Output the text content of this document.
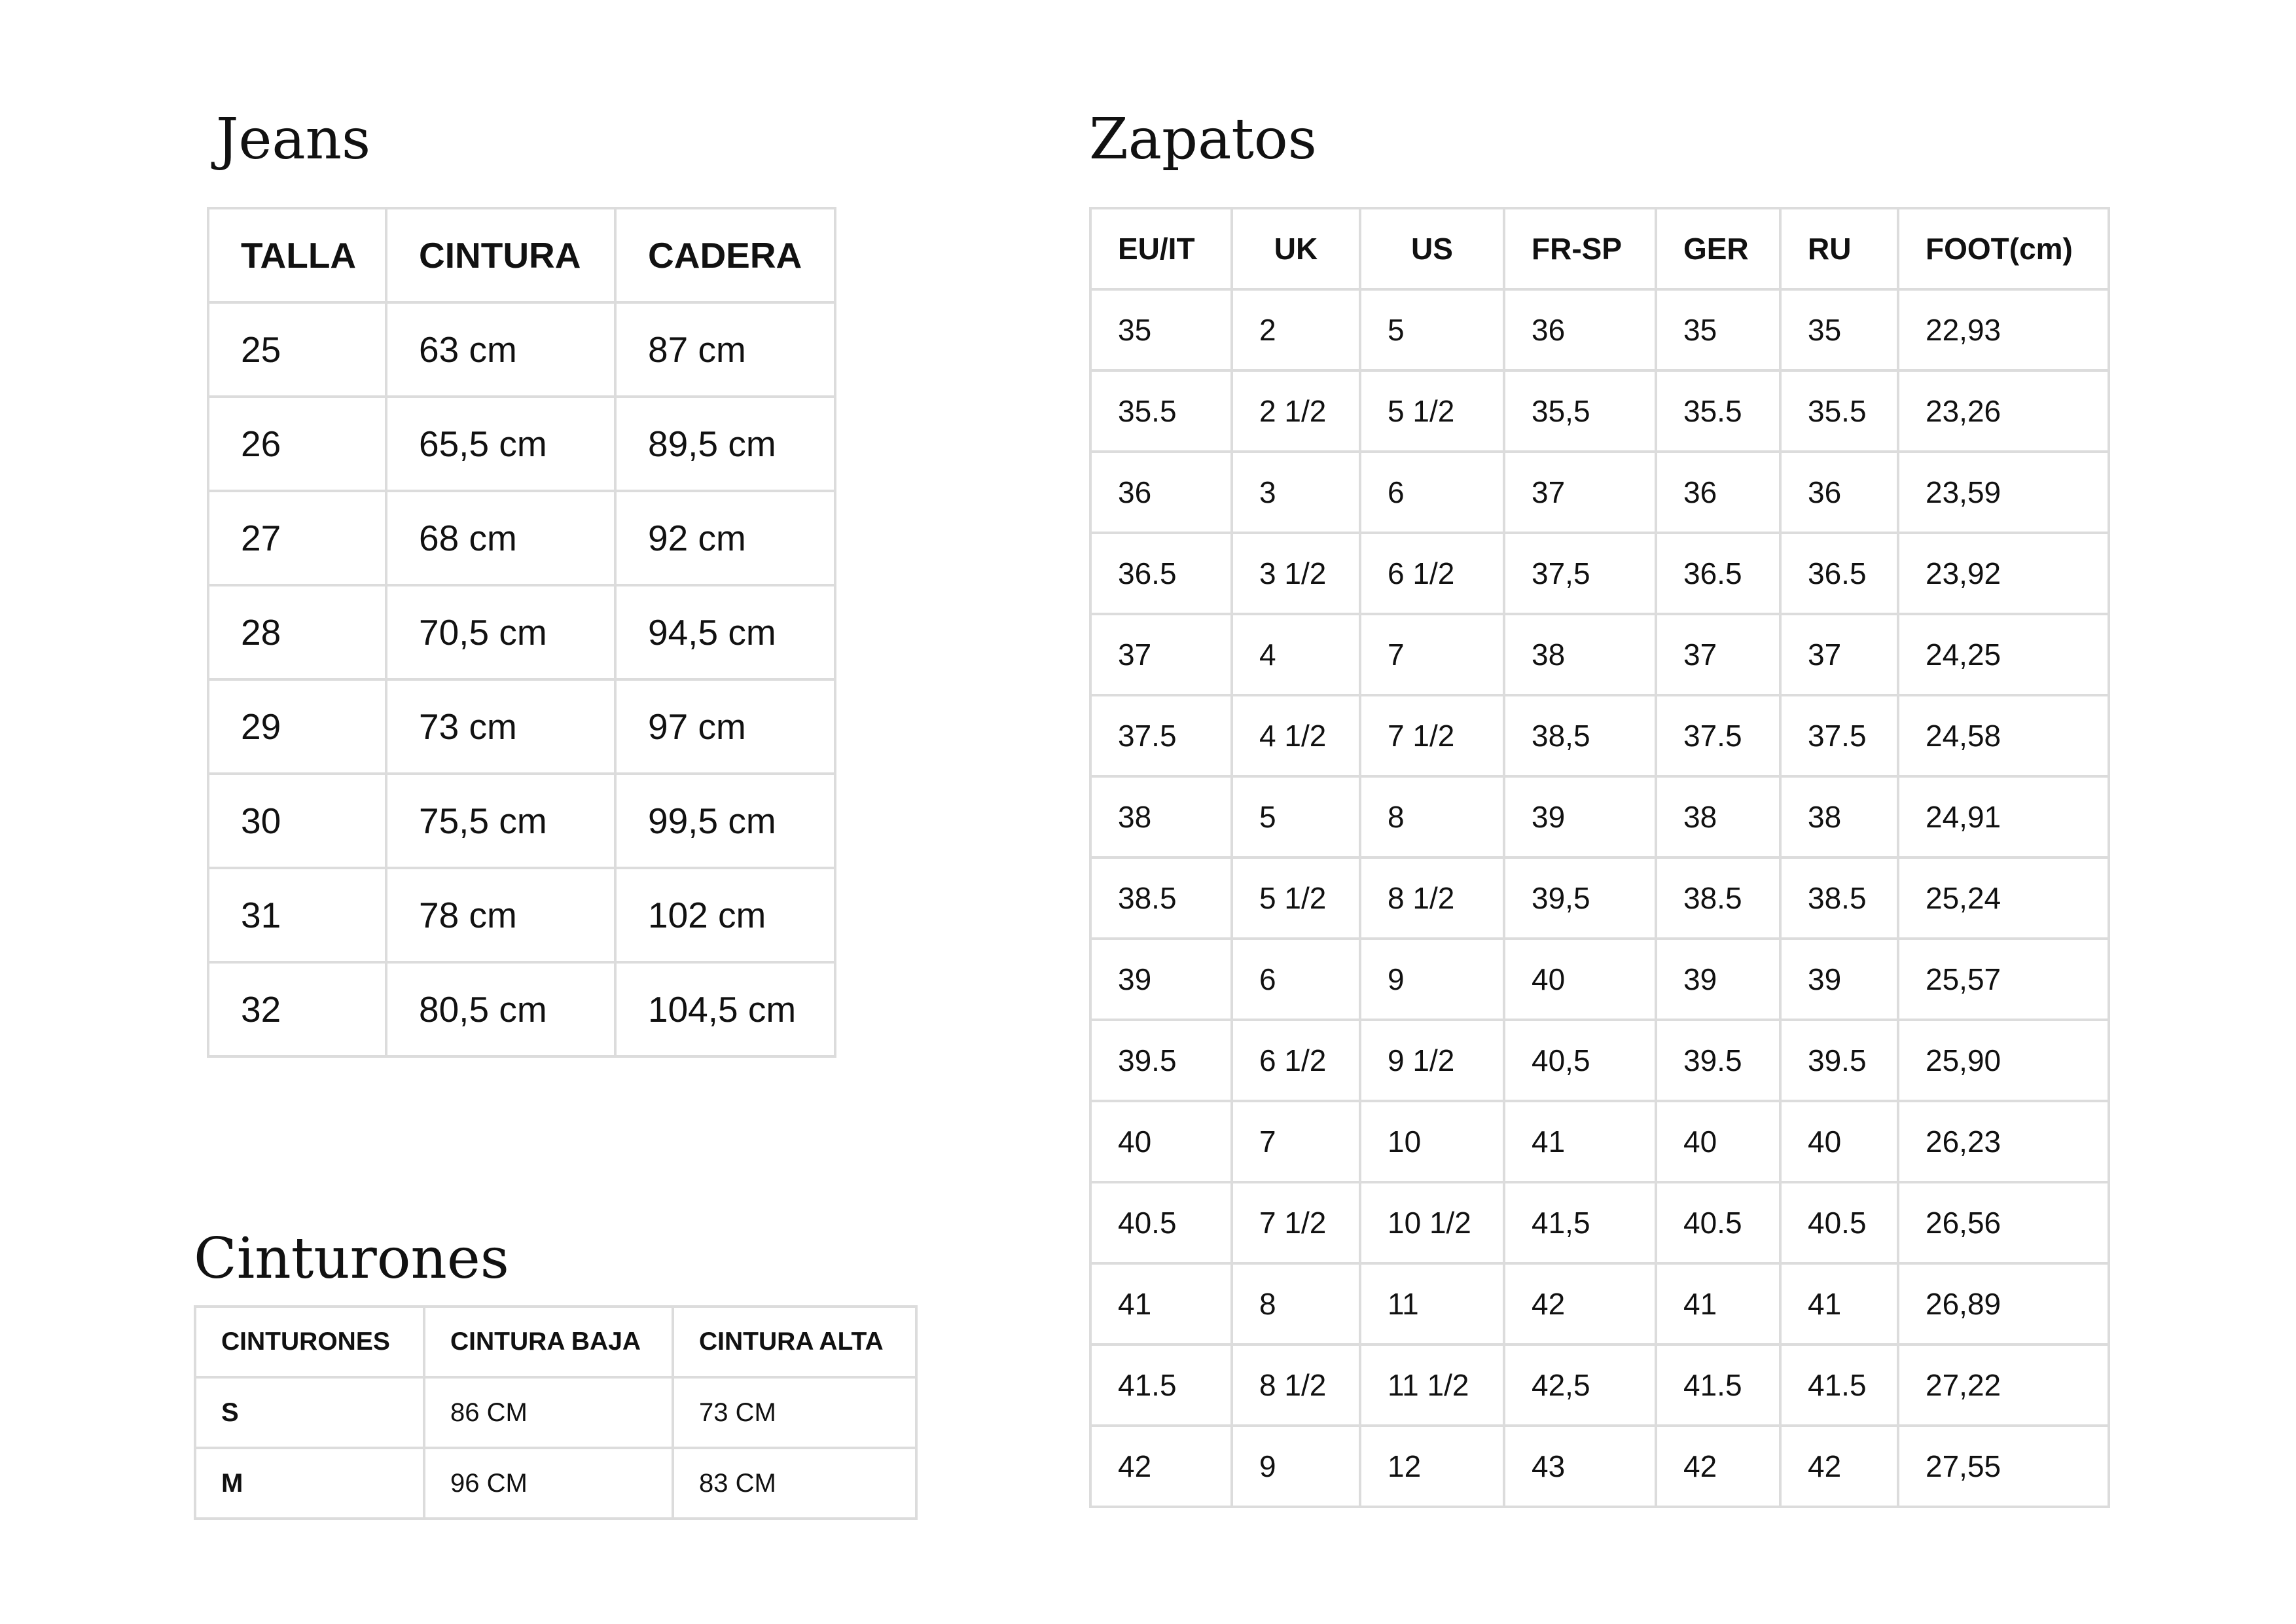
Jeans
TALLA	CINTURA	CADERA
25	63 cm	87 cm
26	65,5 cm	89,5 cm
27	68 cm	92 cm
28	70,5 cm	94,5 cm
29	73 cm	97 cm
30	75,5 cm	99,5 cm
31	78 cm	102 cm
32	80,5 cm	104,5 cm
Cinturones
CINTURONES	CINTURA BAJA	CINTURA ALTA
S	86 CM	73 CM
M	96 CM	83 CM
Zapatos
EU/IT	UK	US	FR-SP	GER	RU	FOOT(cm)
35	2	5	36	35	35	22,93
35.5	2 1/2	5 1/2	35,5	35.5	35.5	23,26
36	3	6	37	36	36	23,59
36.5	3 1/2	6 1/2	37,5	36.5	36.5	23,92
37	4	7	38	37	37	24,25
37.5	4 1/2	7 1/2	38,5	37.5	37.5	24,58
38	5	8	39	38	38	24,91
38.5	5 1/2	8 1/2	39,5	38.5	38.5	25,24
39	6	9	40	39	39	25,57
39.5	6 1/2	9 1/2	40,5	39.5	39.5	25,90
40	7	10	41	40	40	26,23
40.5	7 1/2	10 1/2	41,5	40.5	40.5	26,56
41	8	11	42	41	41	26,89
41.5	8 1/2	11 1/2	42,5	41.5	41.5	27,22
42	9	12	43	42	42	27,55
